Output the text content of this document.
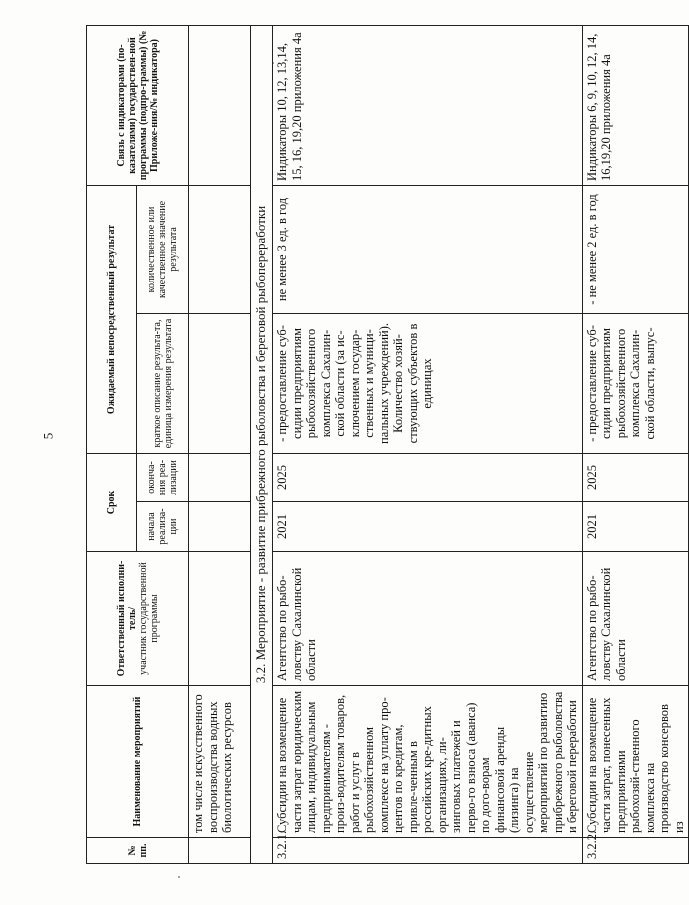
5
№ пп.	Наименование мероприятий	Ответственный исполни-тель/ участник государственной программы	Срок		Ожидаемый непосредственный результат		Связь с индикаторами (по-казателями) государствен-ной программы (подпро-граммы) (№ Приложе-ния/№ индикатора)
			начала реализа-ции	оконча-ния реа-лизации	краткое описание результа-та, единица измерения результата	количественное или качественное значение результата	
	том числе искусственного воспроизводства водных биологических ресурсов						
3.2. Мероприятие - развитие прибрежного рыболовства и береговой рыбопереработки							
3.2.1.	Субсидии на возмещение части затрат юридическим лицам, индивидуальным предпринимателям - произ-водителям товаров, работ и услуг в рыбохозяйственном комплексе на уплату про-центов по кредитам, привле-ченным в российских кре-дитных организациях, ли-зинговых платежей и перво-го взноса (аванса) по дого-ворам финансовой аренды (лизинга) на осуществление мероприятий по развитию прибрежного рыболовства и береговой переработки	Агентство по рыбо-ловству Сахалинской области	2021	2025	- предоставление суб-сидии предприятиям рыбохозяйственного комплекса Сахалин-ской области (за ис-ключением государ-ственных и муници-пальных учреждений). Количество хозяй-ствующих субъектов в единицах	не менее 3 ед. в год	Индикаторы 10, 12, 13,14, 15, 16, 19,20 приложения 4а
3.2.2.	Субсидии на возмещение части затрат, понесенных предприятиями рыбохозяй-ственного комплекса на производство консервов из	Агентство по рыбо-ловству Сахалинской области	2021	2025	- предоставление суб-сидии предприятиям рыбохозяйственного комплекса Сахалин-ской области, выпус-	- не менее 2 ед. в год	Индикаторы 6, 9, 10, 12, 14, 16,19,20 приложения 4а
